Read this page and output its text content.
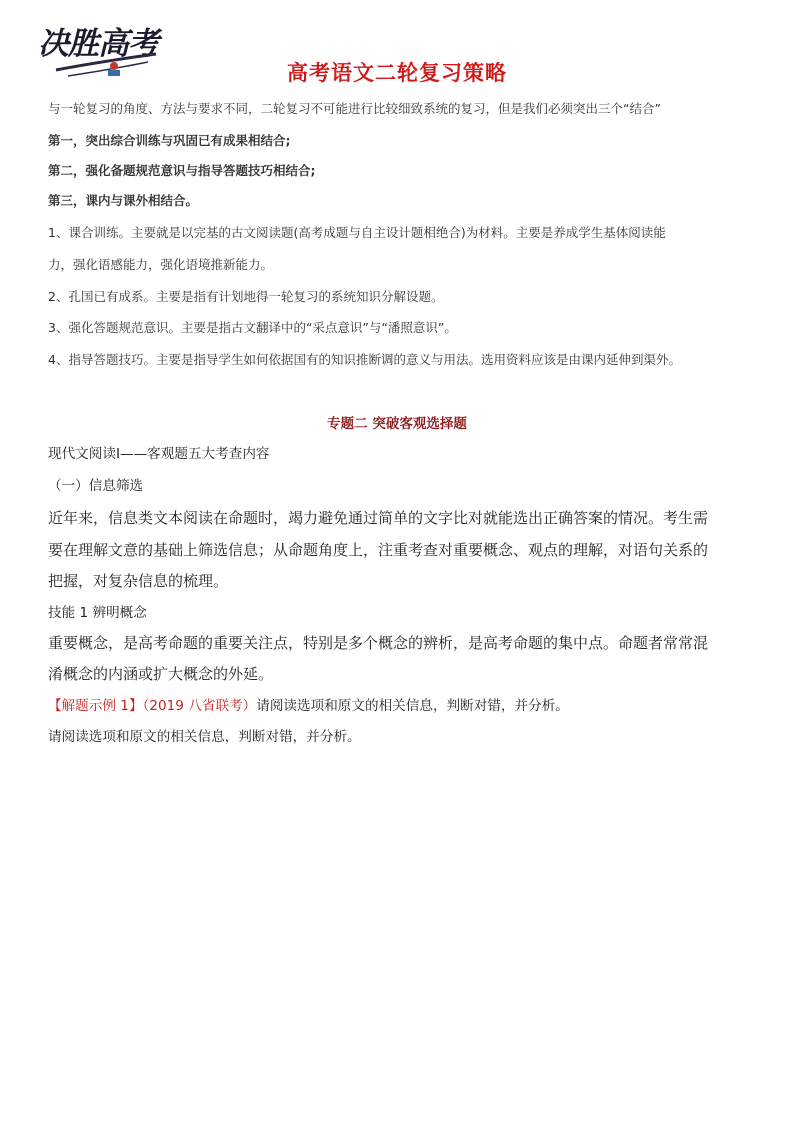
决胜高考
高考语文二轮复习策略
与一轮复习的角度、方法与要求不同，二轮复习不可能进行比较细致系统的复习，但是我们必须突出三个“结合”
第一，突出综合训练与巩固已有成果相结合;
第二，强化备题规范意识与指导答题技巧相结合;
第三，课内与课外相结合。
1、课合训练。主要就是以完基的古文阅读题(高考成题与自主设计题相绝合)为材料。主要是养成学生基体阅读能
力，强化语感能力，强化语境推新能力。
2、孔国已有成系。主要是指有计划地得一轮复习的系统知识分解设题。
3、强化答题规范意识。主要是指古文翻译中的“采点意识”与“潘照意识”。
4、指导答题技巧。主要是指导学生如何依据国有的知识推断调的意义与用法。选用资料应该是由课内延伸到渠外。
专题二 突破客观选择题
现代文阅读Ⅰ——客观题五大考查内容
（一）信息筛选
近年来，信息类文本阅读在命题时，竭力避免通过简单的文字比对就能选出正确答案的情况。考生需
要在理解文意的基础上筛选信息；从命题角度上，注重考查对重要概念、观点的理解，对语句关系的
把握，对复杂信息的梳理。
技能 1 辨明概念
重要概念，是高考命题的重要关注点，特别是多个概念的辨析，是高考命题的集中点。命题者常常混
淆概念的内涵或扩大概念的外延。
【解题示例 1】（2019 八省联考）请阅读选项和原文的相关信息，判断对错，并分析。
请阅读选项和原文的相关信息，判断对错，并分析。
